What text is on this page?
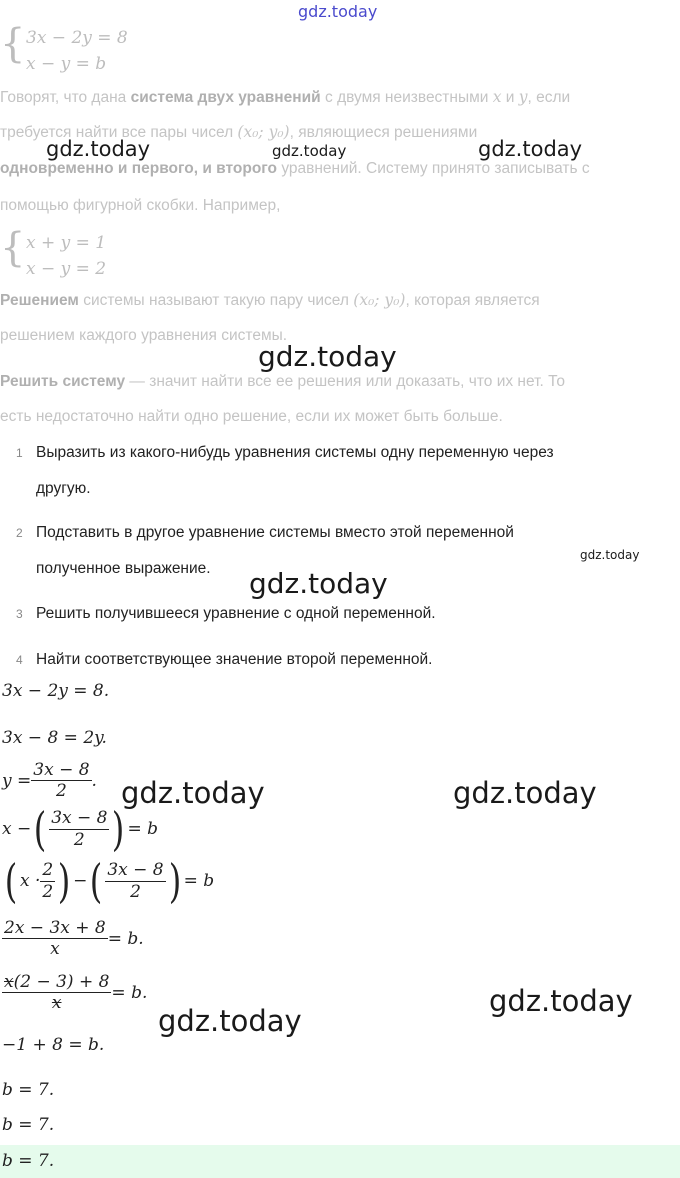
gdz.today
{ 3x − 2y = 8
x − y = b
Говорят, что дана система двух уравнений с двумя неизвестными x и y, если
требуется найти все пары чисел (x₀; y₀), являющиеся решениями
одновременно и первого, и второго уравнений. Системy принято записывать с
помощью фигурной скобки. Например,
{ x + y = 1
x − y = 2
Решением системы называют такую пару чисел (x₀; y₀), которая является
решением каждого уравнения системы.
Решить систему — значит найти все ее решения или доказать, что их нет. То
есть недостаточно найти одно решение, если их может быть больше.
1 Выразить из какого-нибудь уравнения системы одну переменную через
другую.
2 Подставить в другое уравнение системы вместо этой переменной
полученное выражение.
3 Решить получившееся уравнение с одной переменной.
4 Найти соответствующее значение второй переменной.
3x − 2y = 8.
3x − 8 = 2y.
$y = \frac{3x - 8}{2}$ .
x − ( $\frac{3x - 8}{2}$ ) = b
( $x \cdot \frac{2}{2}$ ) − ( $\frac{3x - 8}{2}$ ) = b
$\frac{2x - 3x + 8}{x} = b$.
$\frac{x(2 - 3) + 8}{x} = b$.
−1 + 8 = b.
b = 7.
b = 7.
b = 7.
gdz.today	gdz.today	gdz.today
gdz.today
gdz.today
gdz.today
gdz.today	gdz.today
gdz.today
gdz.today
